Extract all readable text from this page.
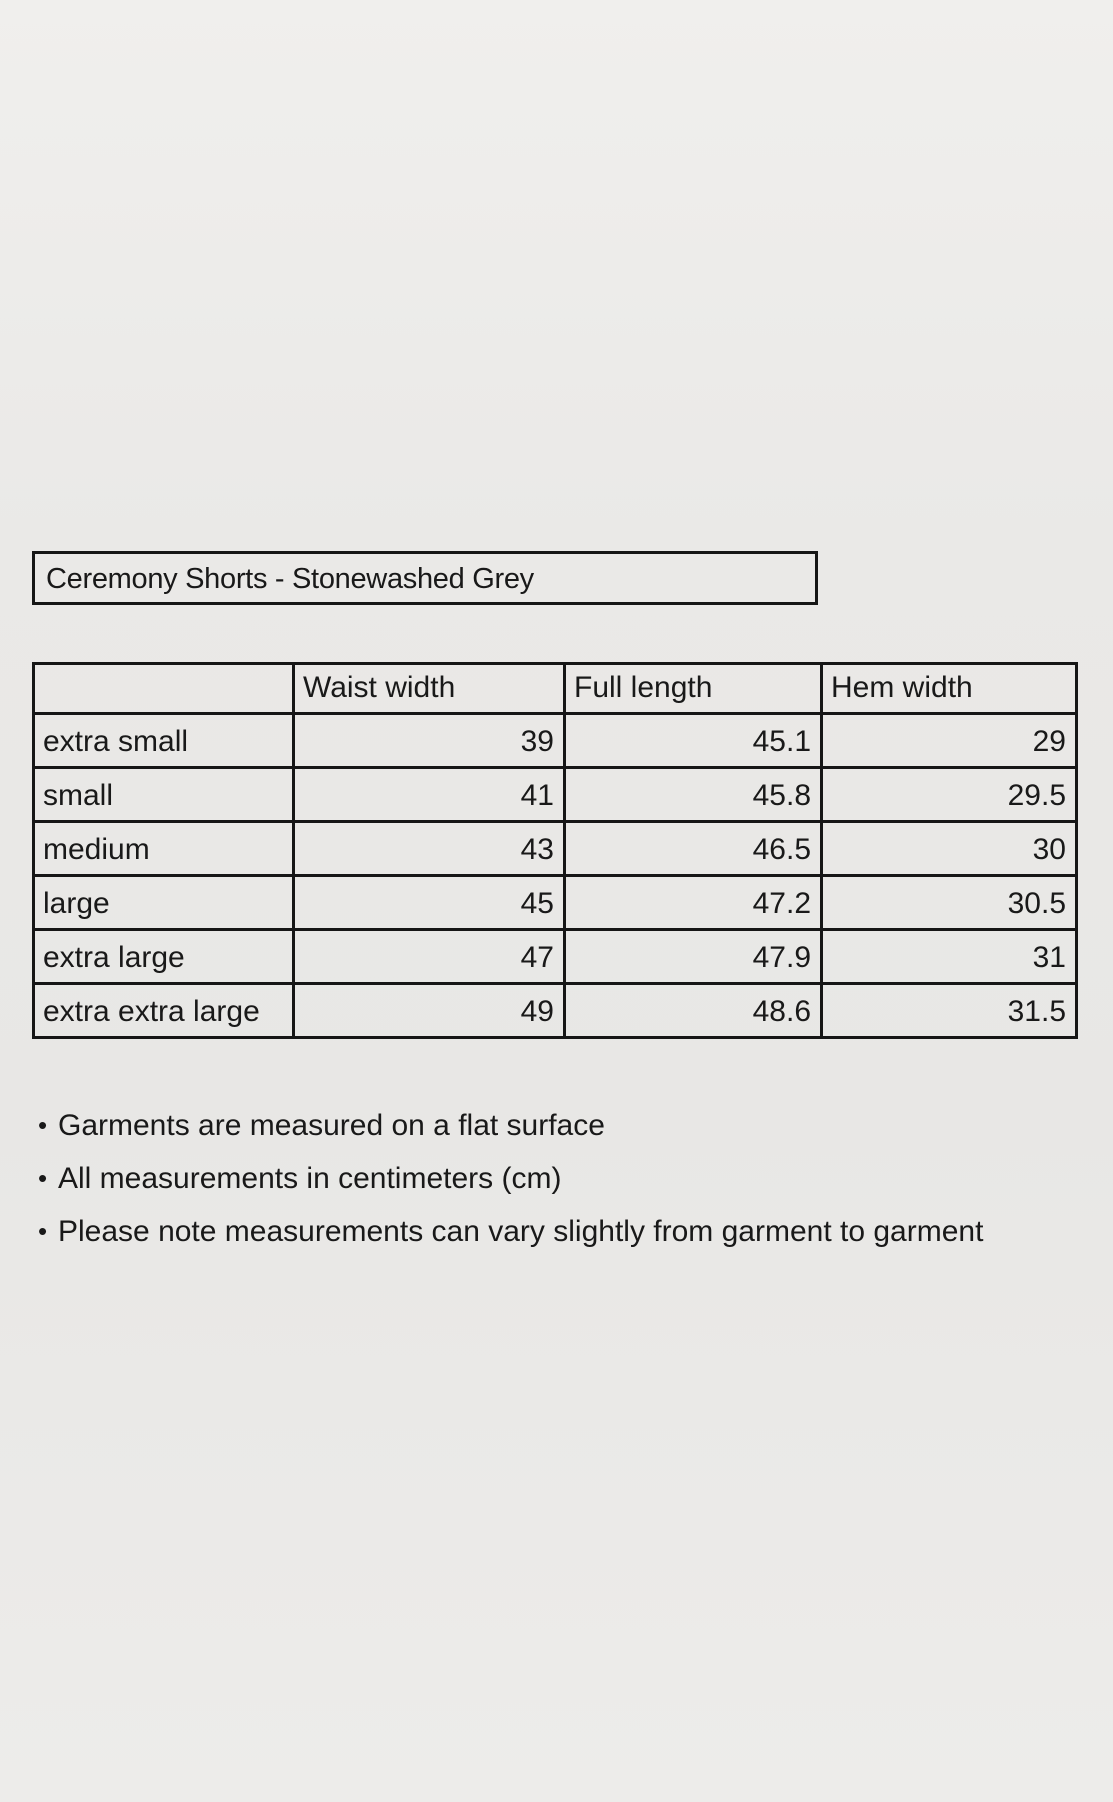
Ceremony Shorts - Stonewashed Grey
	Waist width	Full length	Hem width
extra small	39	45.1	29
small	41	45.8	29.5
medium	43	46.5	30
large	45	47.2	30.5
extra large	47	47.9	31
extra extra large	49	48.6	31.5
• Garments are measured on a flat surface
• All measurements in centimeters (cm)
• Please note measurements can vary slightly from garment to garment
